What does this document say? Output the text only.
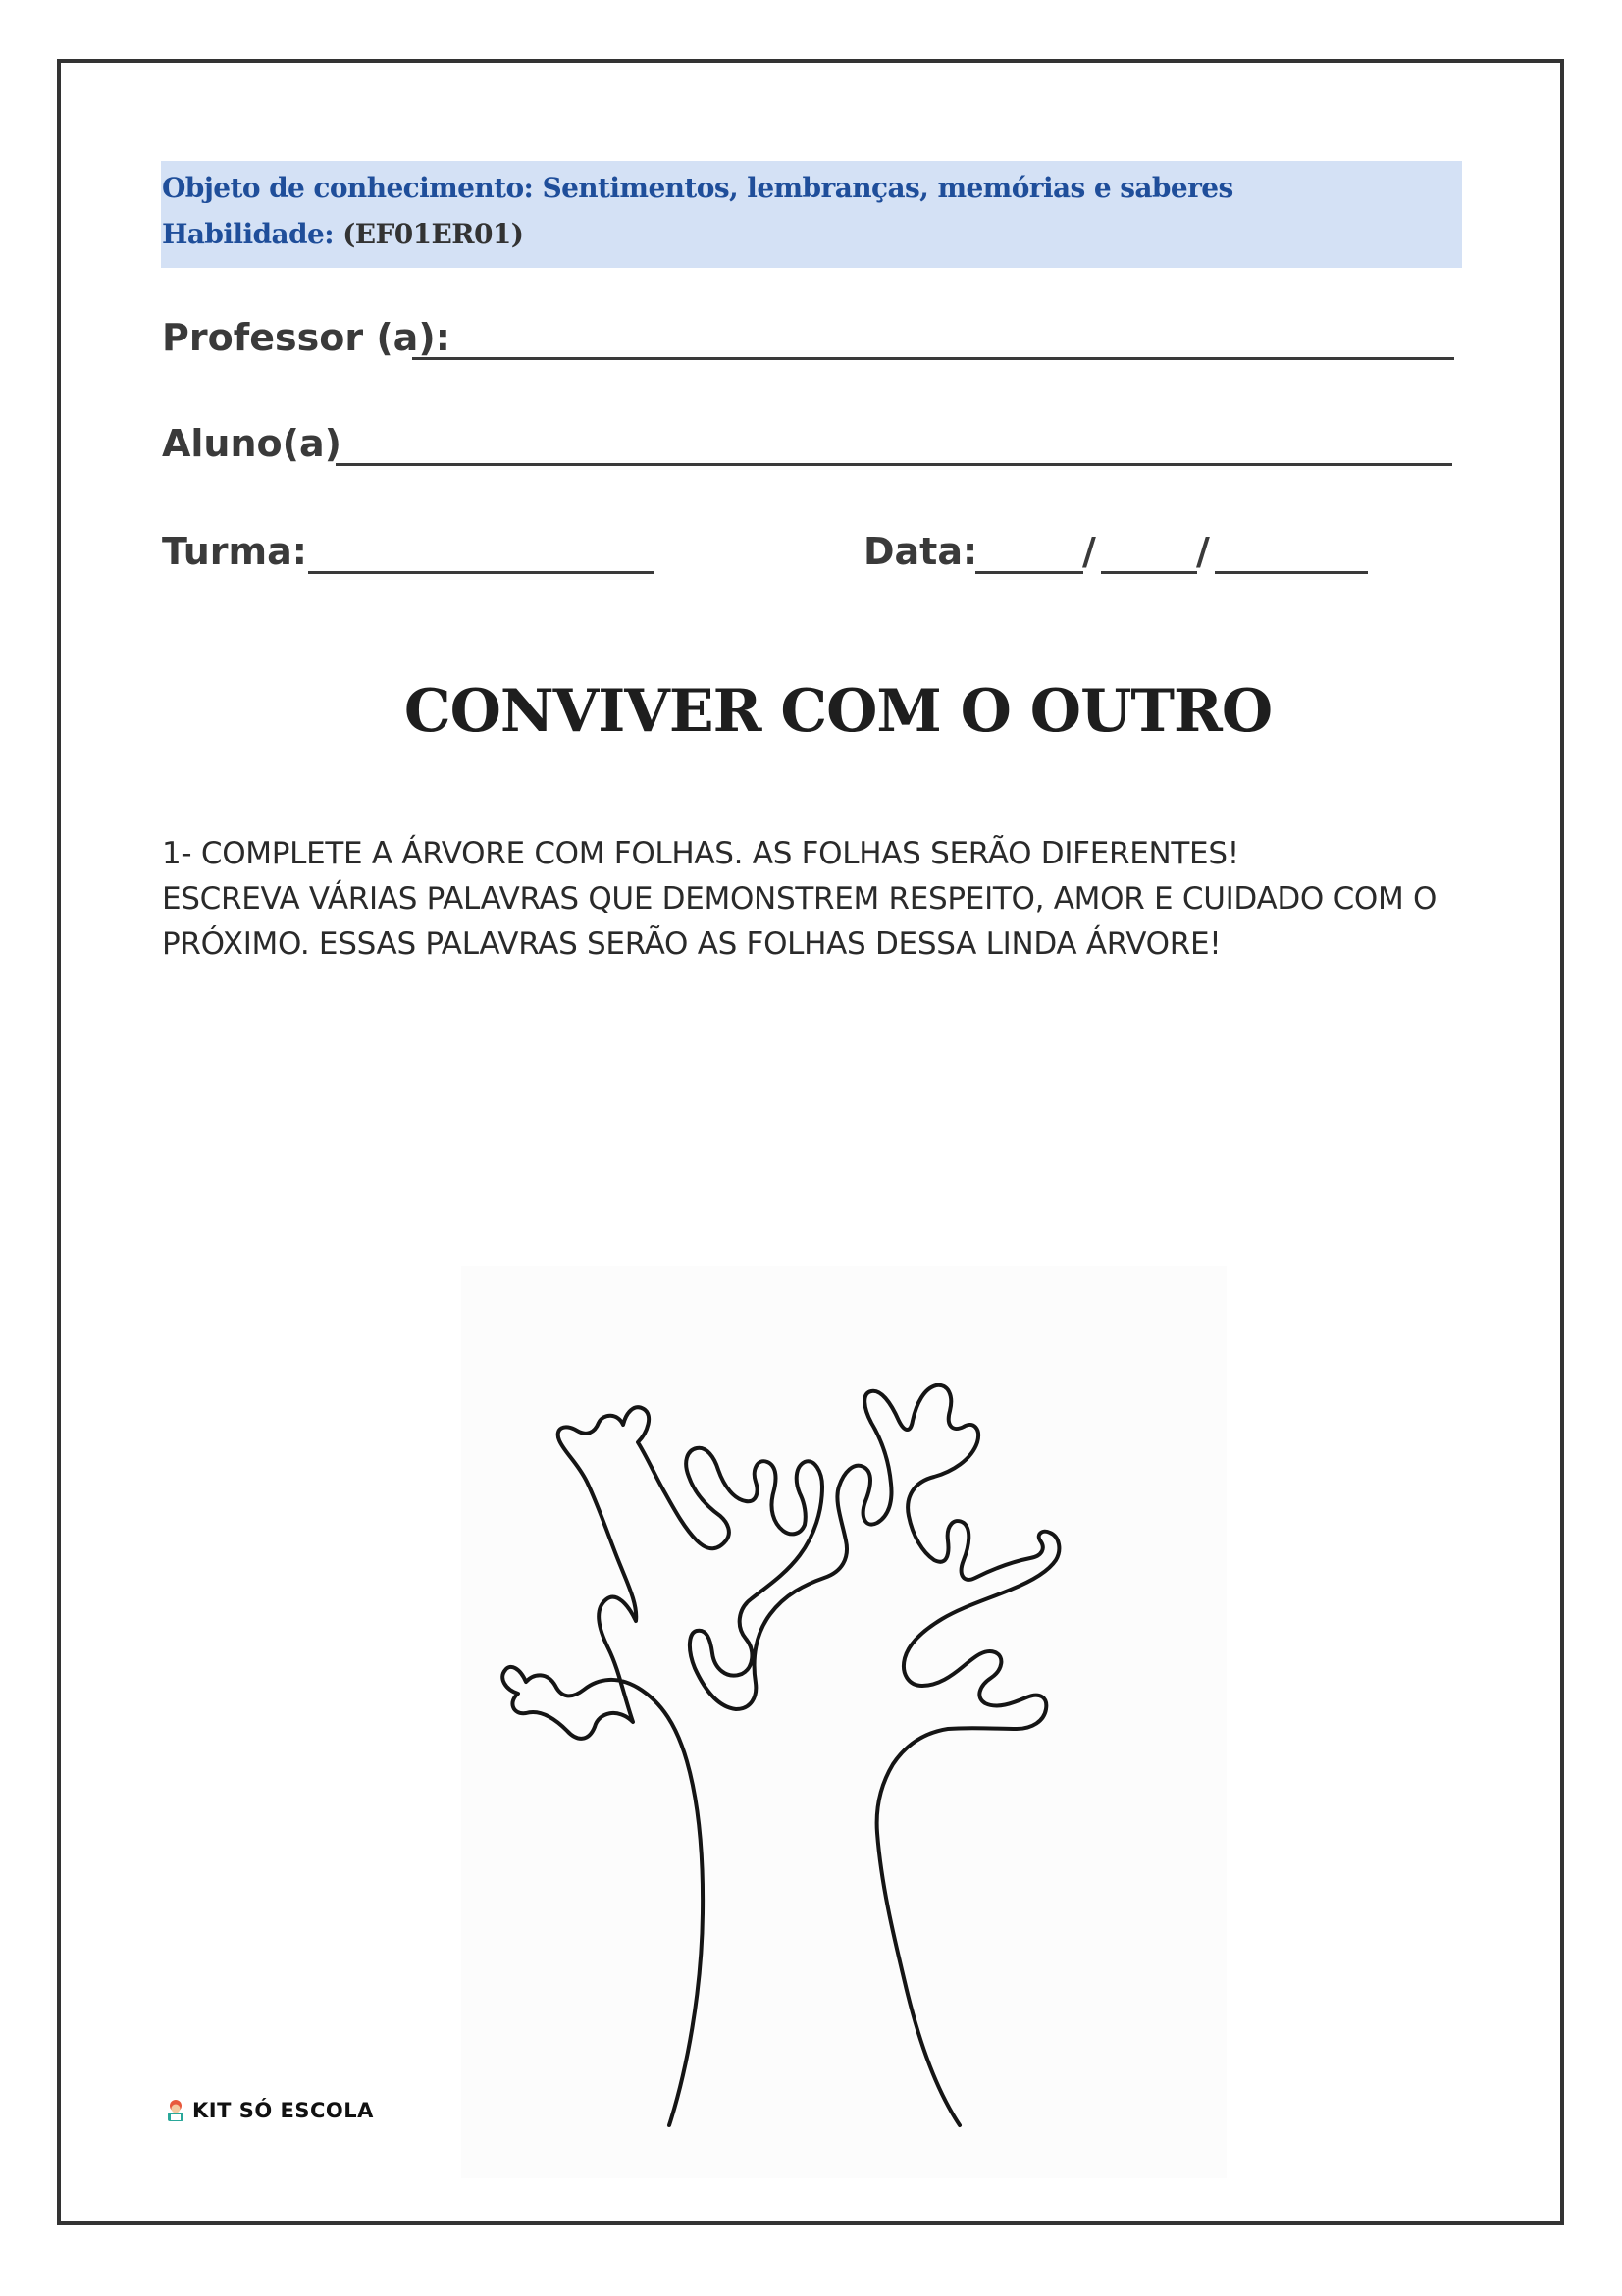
Objeto de conhecimento: Sentimentos, lembranças, memórias e saberes
Habilidade: (EF01ER01)
Professor (a):
Aluno(a)
Turma:	Data:	/	/
CONVIVER COM O OUTRO
1- COMPLETE A ÁRVORE COM FOLHAS. AS FOLHAS SERÃO DIFERENTES!
ESCREVA VÁRIAS PALAVRAS QUE DEMONSTREM RESPEITO, AMOR E CUIDADO COM O
PRÓXIMO. ESSAS PALAVRAS SERÃO AS FOLHAS DESSA LINDA ÁRVORE!
KIT SÓ ESCOLA
